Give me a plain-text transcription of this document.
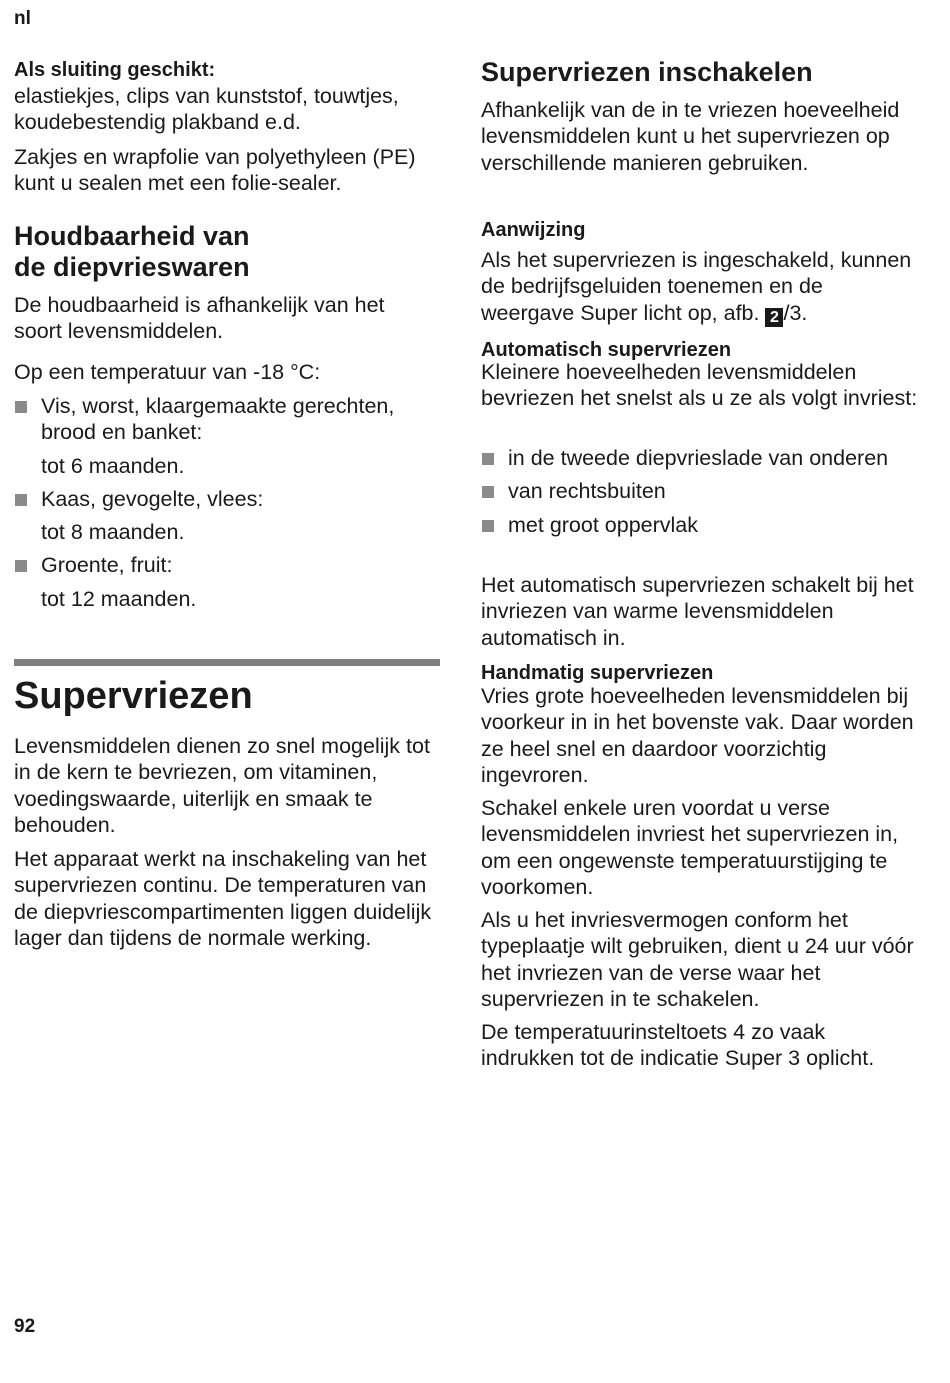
nl
Als sluiting geschikt:

elastiekjes, clips van kunststof, touwtjes, koudebestendig plakband e.d.

Zakjes en wrapfolie van polyethyleen (PE) kunt u sealen met een folie-sealer.

Houdbaarheid van
de diepvrieswaren

De houdbaarheid is afhankelijk van het soort levensmiddelen.

Op een temperatuur van -18 °C:

Vis, worst, klaargemaakte gerechten, brood en banket:
tot 6 maanden.
Kaas, gevogelte, vlees:
tot 8 maanden.
Groente, fruit:
tot 12 maanden.
Supervriezen

Levensmiddelen dienen zo snel mogelijk tot in de kern te bevriezen, om vitaminen, voedingswaarde, uiterlijk en smaak te behouden.

Het apparaat werkt na inschakeling van het supervriezen continu. De temperaturen van de diepvriescompartimenten liggen duidelijk lager dan tijdens de normale werking.

Supervriezen inschakelen

Afhankelijk van de in te vriezen hoeveelheid levensmiddelen kunt u het supervriezen op verschillende manieren gebruiken.

Aanwijzing

Als het supervriezen is ingeschakeld, kunnen de bedrijfsgeluiden toenemen en de weergave Super licht op, afb. 2 /3.

Automatisch supervriezen

Kleinere hoeveelheden levensmiddelen bevriezen het snelst als u ze als volgt invriest:

in de tweede diepvrieslade van onderen
van rechtsbuiten
met groot oppervlak

Het automatisch supervriezen schakelt bij het invriezen van warme levensmiddelen automatisch in.

Handmatig supervriezen

Vries grote hoeveelheden levensmiddelen bij voorkeur in in het bovenste vak. Daar worden ze heel snel en daardoor voorzichtig ingevroren.

Schakel enkele uren voordat u verse levensmiddelen invriest het supervriezen in, om een ongewenste temperatuurstijging te voorkomen.

Als u het invriesvermogen conform het typeplaatje wilt gebruiken, dient u 24 uur vóór het invriezen van de verse waar het supervriezen in te schakelen.

De temperatuurinsteltoets 4 zo vaak indrukken tot de indicatie Super 3 oplicht.

92
